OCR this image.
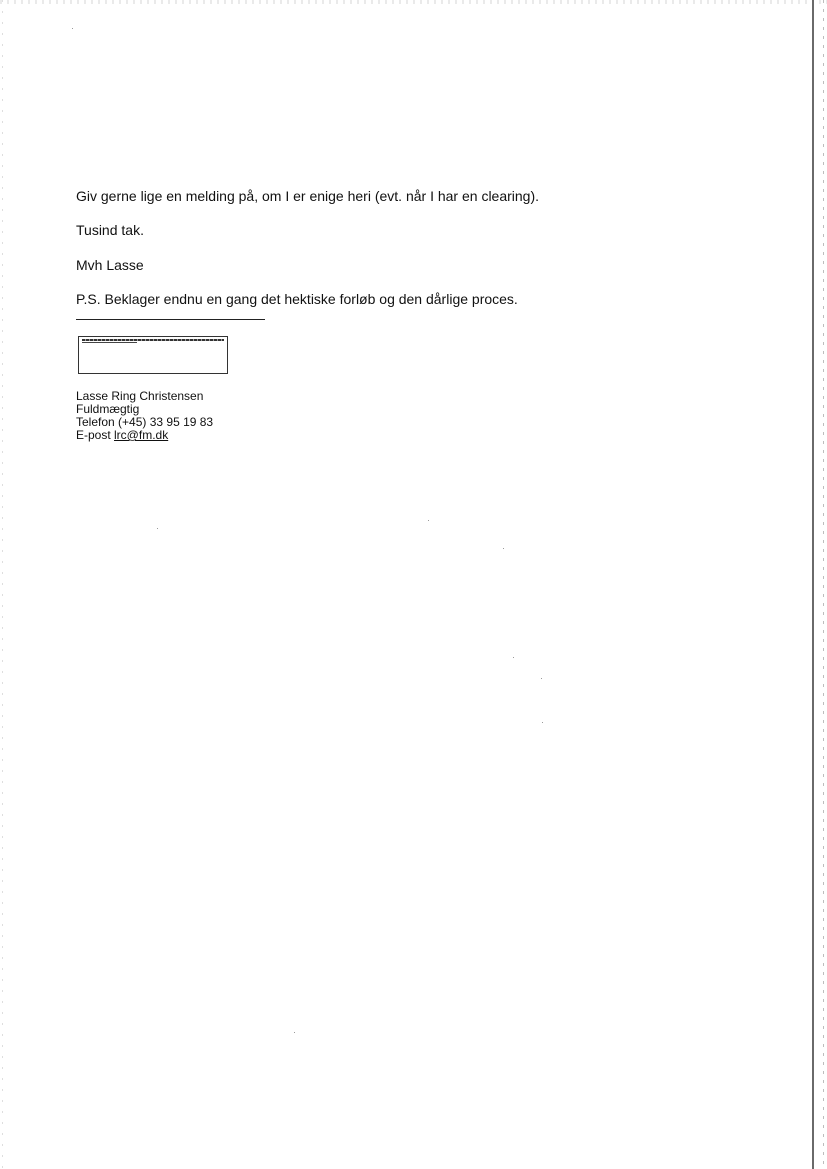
Giv gerne lige en melding på, om I er enige heri (evt. når I har en clearing).

Tusind tak.

Mvh Lasse

P.S. Beklager endnu en gang det hektiske forløb og den dårlige proces.

Lasse Ring Christensen
Fuldmægtig
Telefon (+45) 33 95 19 83
E-post lrc@fm.dk
